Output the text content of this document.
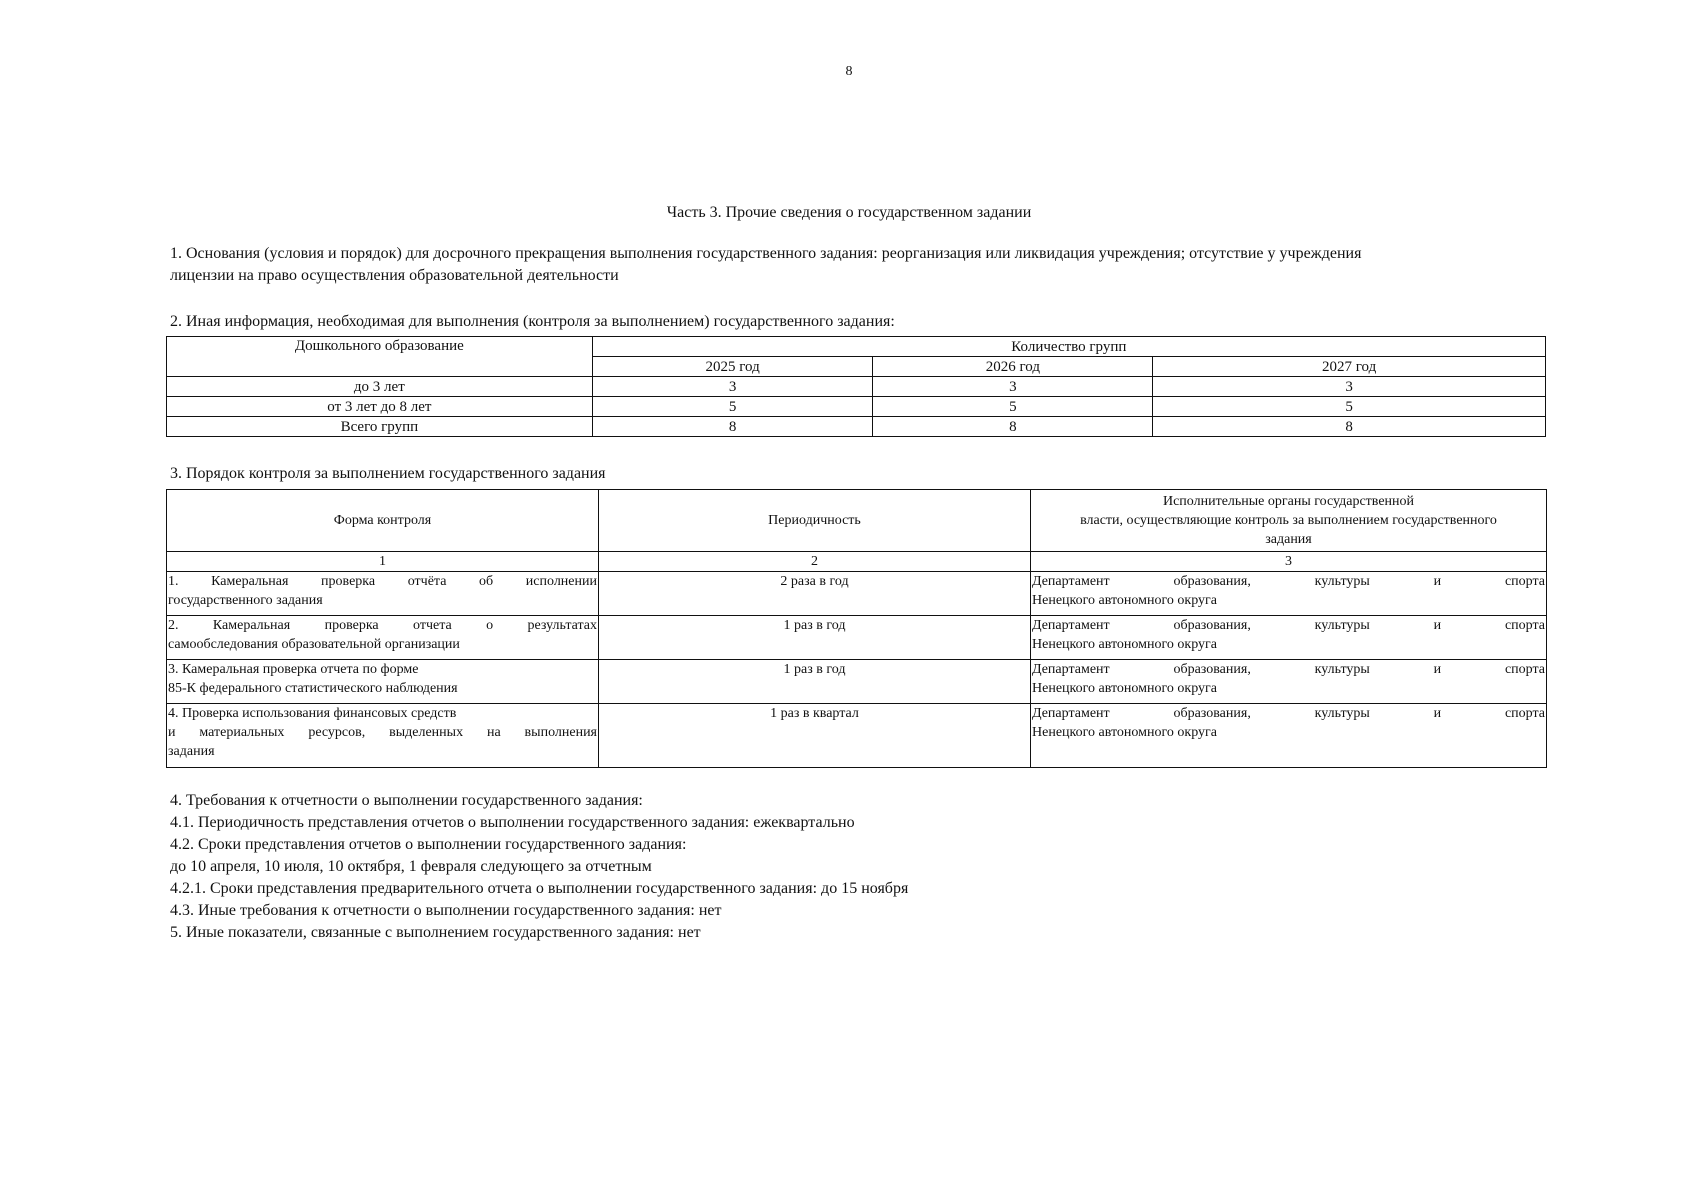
8
Часть 3. Прочие сведения о государственном задании
1. Основания (условия и порядок) для досрочного прекращения выполнения государственного задания: реорганизация или ликвидация учреждения; отсутствие у учреждения
лицензии на право осуществления образовательной деятельности
2. Иная информация, необходимая для выполнения (контроля за выполнением) государственного задания:
Дошкольного образование	Количество групп		
	2025 год	2026 год	2027 год
до 3 лет	3	3	3
от 3 лет до 8 лет	5	5	5
Всего групп	8	8	8
3. Порядок контроля за выполнением государственного задания
Форма контроля	Периодичность	Исполнительные органы государственной
власти, осуществляющие контроль за выполнением государственного
задания

1	2	3

1. Камеральная проверка отчёта об исполнении
государственного задания	2 раза в год	Департамент образования, культуры и спорта
Ненецкого автономного округа

2. Камеральная проверка отчета о результатах
самообследования образовательной организации	1 раз в год	Департамент образования, культуры и спорта
Ненецкого автономного округа

3. Камеральная проверка отчета по форме
85-К федерального статистического наблюдения	1 раз в год	Департамент образования, культуры и спорта
Ненецкого автономного округа

4. Проверка использования финансовых средств
и материальных ресурсов, выделенных на выполнения
задания	1 раз в квартал	Департамент образования, культуры и спорта
Ненецкого автономного округа
4. Требования к отчетности о выполнении государственного задания:
4.1. Периодичность представления отчетов о выполнении государственного задания: ежеквартально
4.2. Сроки представления отчетов о выполнении государственного задания:
до 10 апреля, 10 июля, 10 октября, 1 февраля следующего за отчетным
4.2.1. Сроки представления предварительного отчета о выполнении государственного задания: до 15 ноября
4.3. Иные требования к отчетности о выполнении государственного задания: нет
5. Иные показатели, связанные с выполнением государственного задания: нет
